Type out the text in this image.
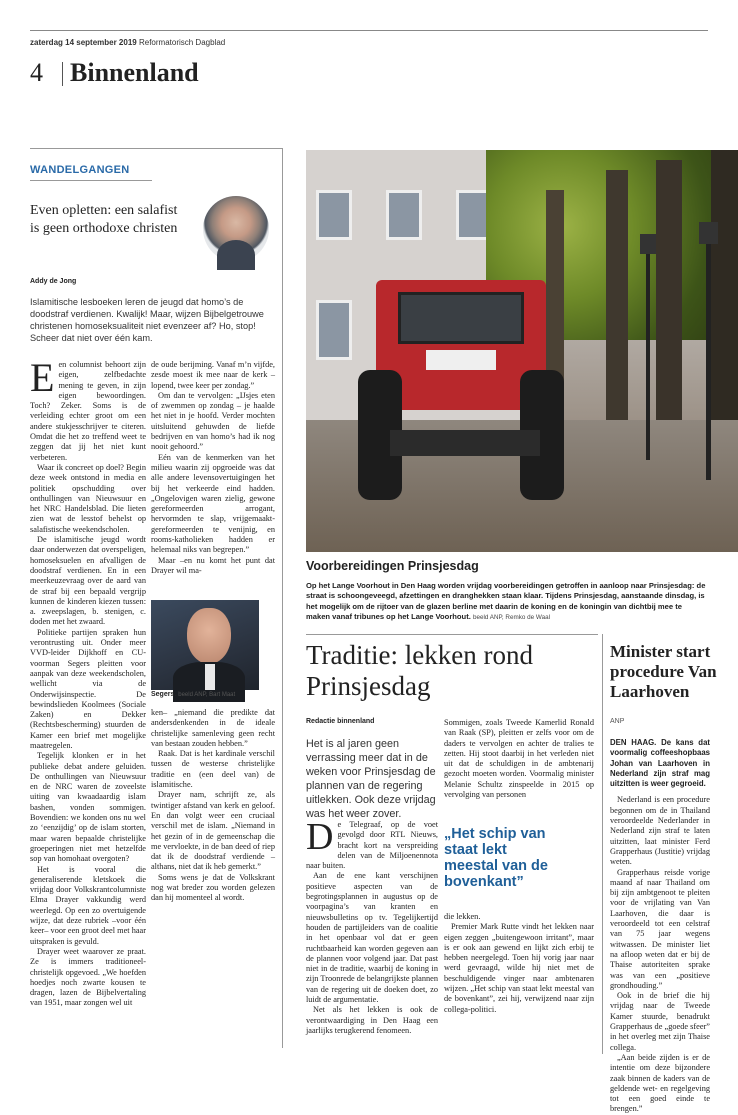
zaterdag 14 september 2019 Reformatorisch Dagblad
4 Binnenland
WANDELGANGEN
Even opletten: een salafist is geen orthodoxe christen
Addy de Jong
Islamitische lesboeken leren de jeugd dat homo’s de doodstraf verdienen. Kwalijk! Maar, wijzen Bijbelgetrouwe christenen homoseksualiteit niet evenzeer af? Ho, stop! Scheer dat niet over één kam.
E en columnist behoort zijn eigen, zelfbedachte mening te geven, in zijn eigen bewoordingen. Toch? Zeker. Soms is de verleiding echter groot om een andere stukjesschrijver te citeren. Omdat die het zo treffend weet te zeggen dat jij het niet kunt verbeteren.

Waar ik concreet op doel? Begin deze week ontstond in media en politiek opschudding over onthullingen van Nieuwsuur en het NRC Handelsblad. Die lieten zien wat de lesstof behelst op salafistische weekendscholen.

De islamitische jeugd wordt daar onderwezen dat overspeligen, homoseksuelen en afvalligen de doodstraf verdienen. En in een meerkeuzevraag over de aard van de straf bij een bepaald vergrijp kunnen de kinderen kiezen tussen: a. zweepslagen, b. stenigen, c. doden met het zwaard.

Politieke partijen spraken hun verontrusting uit. Onder meer VVD-leider Dijkhoff en CU-voorman Segers pleitten voor aanpak van deze weekendscholen, wellicht via de Onderwijsinspectie. De bewindslieden Koolmees (Sociale Zaken) en Dekker (Rechtsbescherming) stuurden de Kamer een brief met mogelijke maatregelen.

Tegelijk klonken er in het publieke debat andere geluiden. De onthullingen van Nieuwsuur en de NRC waren de zoveelste uiting van kwaadaardig islam bashen, vonden sommigen. Bovendien: we konden ons nu wel zo ‘eenzijdig’ op de islam storten, maar waren bepaalde christelijke groeperingen niet met hetzelfde sop van homohaat overgoten?

Het is vooral die generaliserende kletskoek die vrijdag door Volkskrantcolumniste Elma Drayer vakkundig werd weerlegd. Op een zo overtuigende wijze, dat deze rubriek –voor één keer– voor een groot deel met haar uitspraken is gevuld.

Drayer weet waarover ze praat. Ze is immers traditioneel-christelijk opgevoed. „We hoefden hoedjes noch zwarte kousen te dragen, lazen de Bijbelvertaling van 1951, maar zongen wel uit

de oude berijming. Vanaf m’n vijfde, zesde moest ik mee naar de kerk – lopend, twee keer per zondag.”

Om dan te vervolgen: „IJsjes eten of zwemmen op zondag – je haalde het niet in je hoofd. Verder mochten uitsluitend gehuwden de liefde bedrijven en van homo’s had ik nog nooit gehoord.”

Eén van de kenmerken van het milieu waarin zij opgroeide was dat alle andere levensovertuigingen het bij het verkeerde eind hadden. „Ongelovigen waren zielig, gewone gereformeerden arrogant, hervormden te slap, vrijgemaakt-gereformeerden te venijnig, en rooms-katholieken hadden er helemaal niks van begrepen.”

Maar –en nu komt het punt dat Drayer wil ma-

Segers. beeld ANP, Bart Maat

ken– „niemand die predikte dat andersdenkenden in de ideale christelijke samenleving geen recht van bestaan zouden hebben.”

Raak. Dat is het kardinale verschil tussen de westerse christelijke traditie en (een deel van) de islamitische.

Drayer nam, schrijft ze, als twintiger afstand van kerk en geloof. En dan volgt weer een cruciaal verschil met de islam. „Niemand in het gezin of in de gemeenschap die me vervloekte, in de ban deed of riep dat ik de doodstraf verdiende – althans, niet dat ik heb gemerkt.”

Soms wens je dat de Volkskrant nog wat breder zou worden gelezen dan hij momenteel al wordt.

Voorbereidingen Prinsjesdag
Op het Lange Voorhout in Den Haag worden vrijdag voorbereidingen getroffen in aanloop naar Prinsjesdag: de straat is schoongeveegd, afzettingen en dranghekken staan klaar. Tijdens Prinsjesdag, aanstaande dinsdag, is het mogelijk om de rijtoer van de glazen berline met daarin de koning en de koningin van dichtbij mee te maken vanaf tribunes op het Lange Voorhout. beeld ANP, Remko de Waal
Traditie: lekken rond Prinsjesdag
Redactie binnenland
Het is al jaren geen verrassing meer dat in de weken voor Prinsjesdag de plannen van de regering uitlekken. Ook deze vrijdag was het weer zover.
D e Telegraaf, op de voet gevolgd door RTL Nieuws, bracht kort na verspreiding delen van de Miljoenennota naar buiten.

Aan de ene kant verschijnen positieve aspecten van de begrotingsplannen in augustus op de voorpagina’s van kranten en nieuwsbulletins op tv. Tegelijkertijd houden de partijleiders van de coalitie in het openbaar vol dat er geen ruchtbaarheid kan worden gegeven aan de plannen voor volgend jaar. Dat past niet in de traditie, waarbij de koning in zijn Troonrede de belangrijkste plannen van de regering uit de doeken doet, zo luidt de argumentatie.

Net als het lekken is ook de verontwaardiging in Den Haag een jaarlijks terugkerend fenomeen.

Sommigen, zoals Tweede Kamerlid Ronald van Raak (SP), pleitten er zelfs voor om de daders te vervolgen en achter de tralies te zetten. Hij stoot daarbij in het verleden niet uit dat de schuldigen in de ambtenarij gezocht moeten worden. Voormalig minister Melanie Schultz zinspeelde in 2015 op vervolging van personen

„Het schip van staat lekt meestal van de bovenkant”

die lekken.

Premier Mark Rutte vindt het lekken naar eigen zeggen „buitengewoon irritant”, maar is er ook aan gewend en lijkt zich erbij te hebben neergelegd. Toen hij vorig jaar naar werd gevraagd, wilde hij niet met de beschuldigende vinger naar ambtenaren wijzen. „Het schip van staat lekt meestal van de bovenkant”, zei hij, verwijzend naar zijn collega-politici.

Minister start procedure Van Laarhoven
ANP

DEN HAAG. De kans dat voormalig coffeeshopbaas Johan van Laarhoven in Nederland zijn straf mag uitzitten is weer gegroeid.

Nederland is een procedure begonnen om de in Thailand veroordeelde Nederlander in Nederland zijn straf te laten uitzitten, laat minister Ferd Grapperhaus (Justitie) vrijdag weten.

Grapperhaus reisde vorige maand af naar Thailand om bij zijn ambtgenoot te pleiten voor de vrijlating van Van Laarhoven, die daar is veroordeeld tot een celstraf van 75 jaar wegens witwassen. De minister liet na afloop weten dat er bij de Thaise autoriteiten sprake was van een „positieve grondhouding.”

Ook in de brief die hij vrijdag naar de Tweede Kamer stuurde, benadrukt Grapperhaus de „goede sfeer” in het overleg met zijn Thaise collega.

„Aan beide zijden is er de intentie om deze bijzondere zaak binnen de kaders van de geldende wet- en regelgeving tot een goed einde te brengen.”
